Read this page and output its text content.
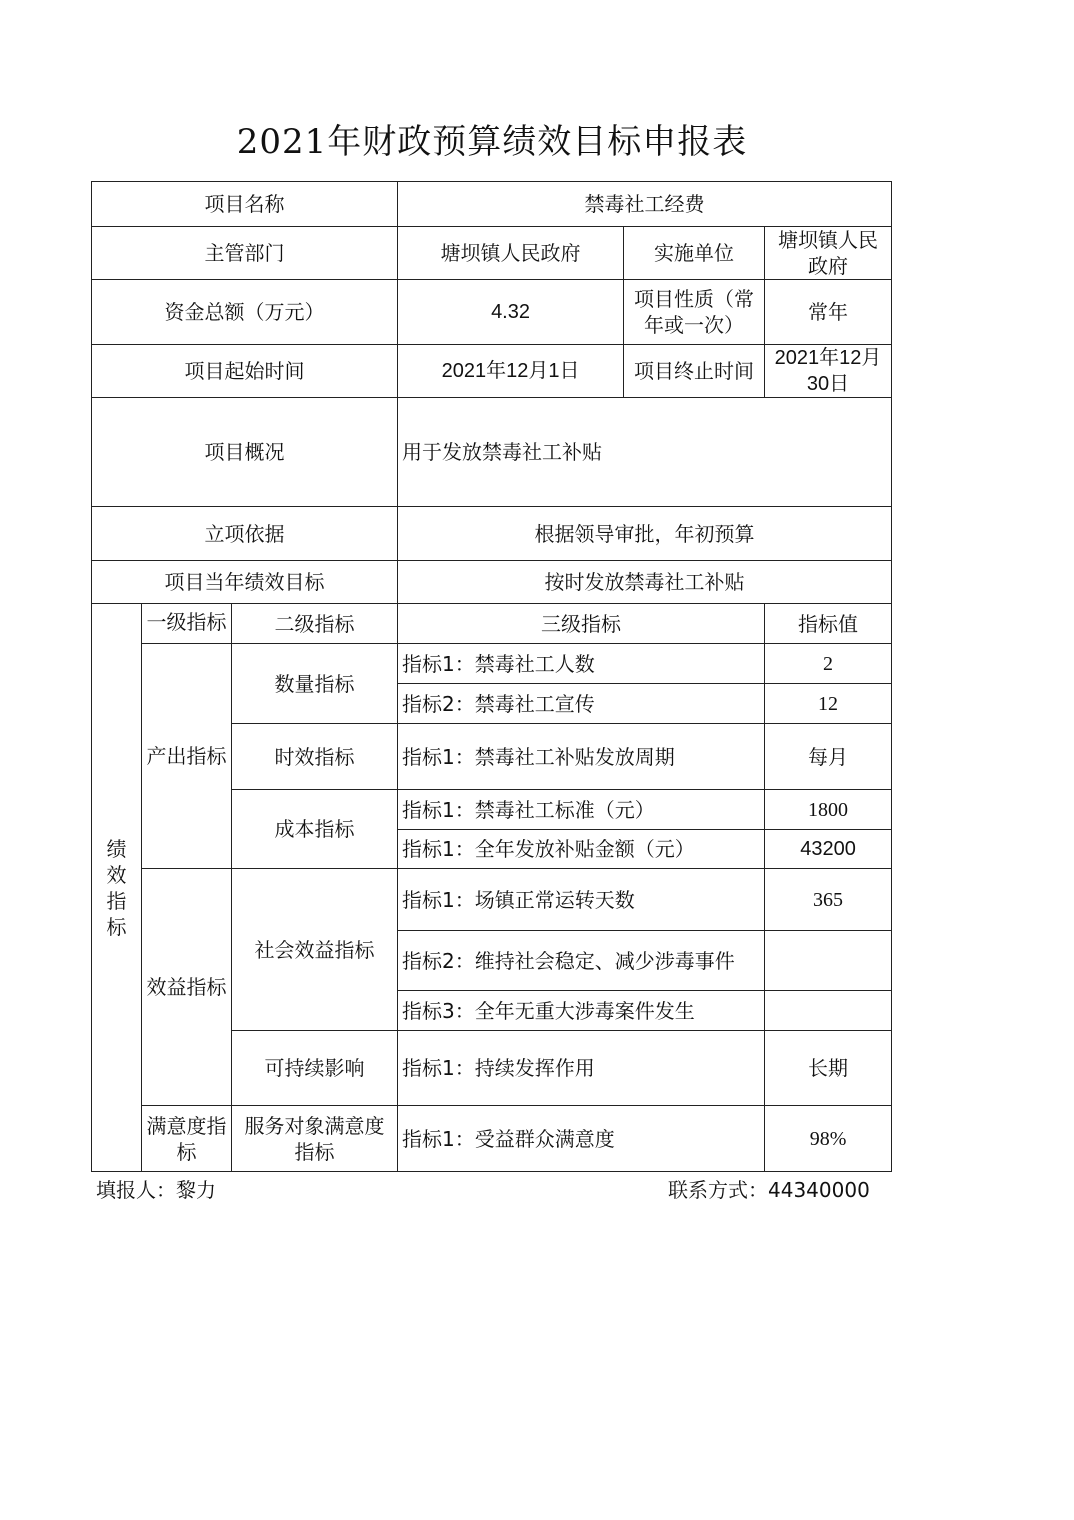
2021年财政预算绩效目标申报表
项目名称			禁毒社工经费		
主管部门			塘坝镇人民政府	实施单位	塘坝镇人民政府
资金总额（万元）			4.32	项目性质（常年或一次）	常年
项目起始时间			2021年12月1日	项目终止时间	2021年12月30日
项目概况			用于发放禁毒社工补贴		
立项依据			根据领导审批，年初预算		
项目当年绩效目标			按时发放禁毒社工补贴		
绩
效
指
标	一级指标	二级指标	三级指标		指标值
	产出指标	数量指标	指标1：禁毒社工人数		2
			指标2：禁毒社工宣传		12
		时效指标	指标1：禁毒社工补贴发放周期		每月
		成本指标	指标1：禁毒社工标准（元）		1800
			指标1：全年发放补贴金额（元）		43200
	效益指标	社会效益指标	指标1：场镇正常运转天数		365
			指标2：维持社会稳定、减少涉毒事件		
			指标3：全年无重大涉毒案件发生		
		可持续影响	指标1：持续发挥作用		长期
	满意度指标	服务对象满意度指标	指标1：受益群众满意度		98%
填报人：黎力	联系方式：44340000
